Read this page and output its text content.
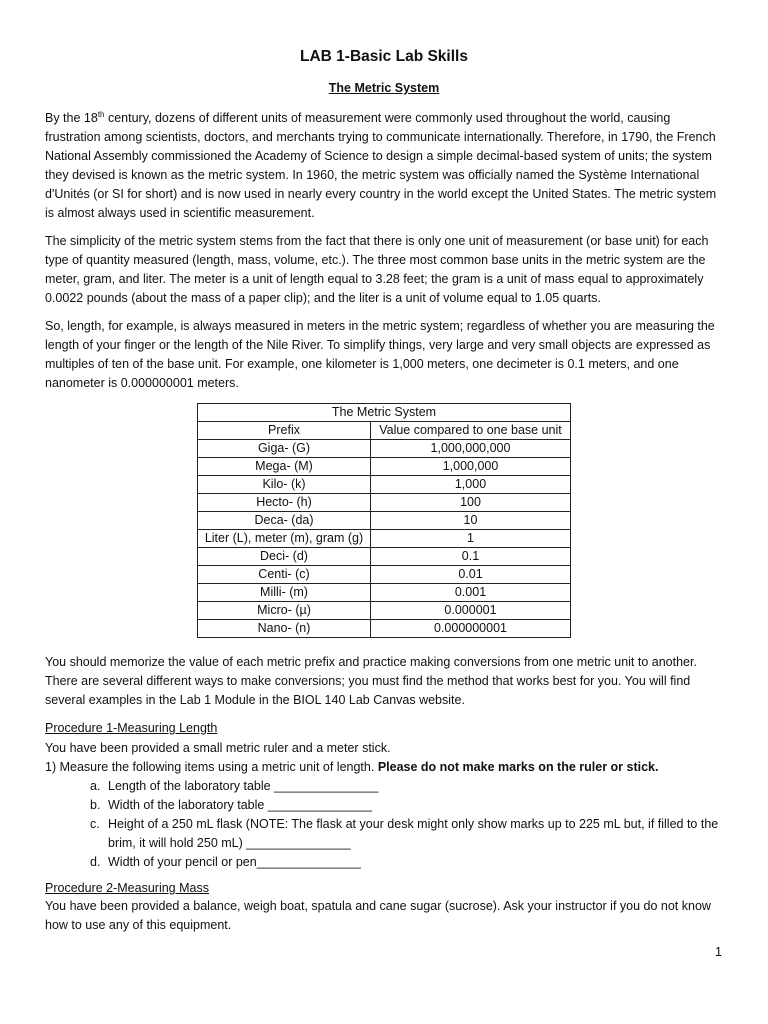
LAB 1-Basic Lab Skills
The Metric System

By the 18th century, dozens of different units of measurement were commonly used throughout the world, causing frustration among scientists, doctors, and merchants trying to communicate internationally. Therefore, in 1790, the French National Assembly commissioned the Academy of Science to design a simple decimal-based system of units; the system they devised is known as the metric system. In 1960, the metric system was officially named the Système International d'Unités (or SI for short) and is now used in nearly every country in the world except the United States. The metric system is almost always used in scientific measurement.

The simplicity of the metric system stems from the fact that there is only one unit of measurement (or base unit) for each type of quantity measured (length, mass, volume, etc.). The three most common base units in the metric system are the meter, gram, and liter. The meter is a unit of length equal to 3.28 feet; the gram is a unit of mass equal to approximately 0.0022 pounds (about the mass of a paper clip); and the liter is a unit of volume equal to 1.05 quarts.

So, length, for example, is always measured in meters in the metric system; regardless of whether you are measuring the length of your finger or the length of the Nile River. To simplify things, very large and very small objects are expressed as multiples of ten of the base unit. For example, one kilometer is 1,000 meters, one decimeter is 0.1 meters, and one nanometer is 0.000000001 meters.

The Metric System	
Prefix	Value compared to one base unit
Giga- (G)	1,000,000,000
Mega- (M)	1,000,000
Kilo- (k)	1,000
Hecto- (h)	100
Deca- (da)	10
Liter (L), meter (m), gram (g)	1
Deci- (d)	0.1
Centi- (c)	0.01
Milli- (m)	0.001
Micro- (µ)	0.000001
Nano- (n)	0.000000001

You should memorize the value of each metric prefix and practice making conversions from one metric unit to another. There are several different ways to make conversions; you must find the method that works best for you. You will find several examples in the Lab 1 Module in the BIOL 140 Lab Canvas website.

Procedure 1-Measuring Length

You have been provided a small metric ruler and a meter stick.

1) Measure the following items using a metric unit of length. Please do not make marks on the ruler or stick.

a. Length of the laboratory table _______________
b. Width of the laboratory table _______________
c. Height of a 250 mL flask (NOTE: The flask at your desk might only show marks up to 225 mL but, if filled to the
brim, it will hold 250 mL) _______________
d. Width of your pencil or pen_______________
Procedure 2-Measuring Mass

You have been provided a balance, weigh boat, spatula and cane sugar (sucrose). Ask your instructor if you do not know how to use any of this equipment.

1
